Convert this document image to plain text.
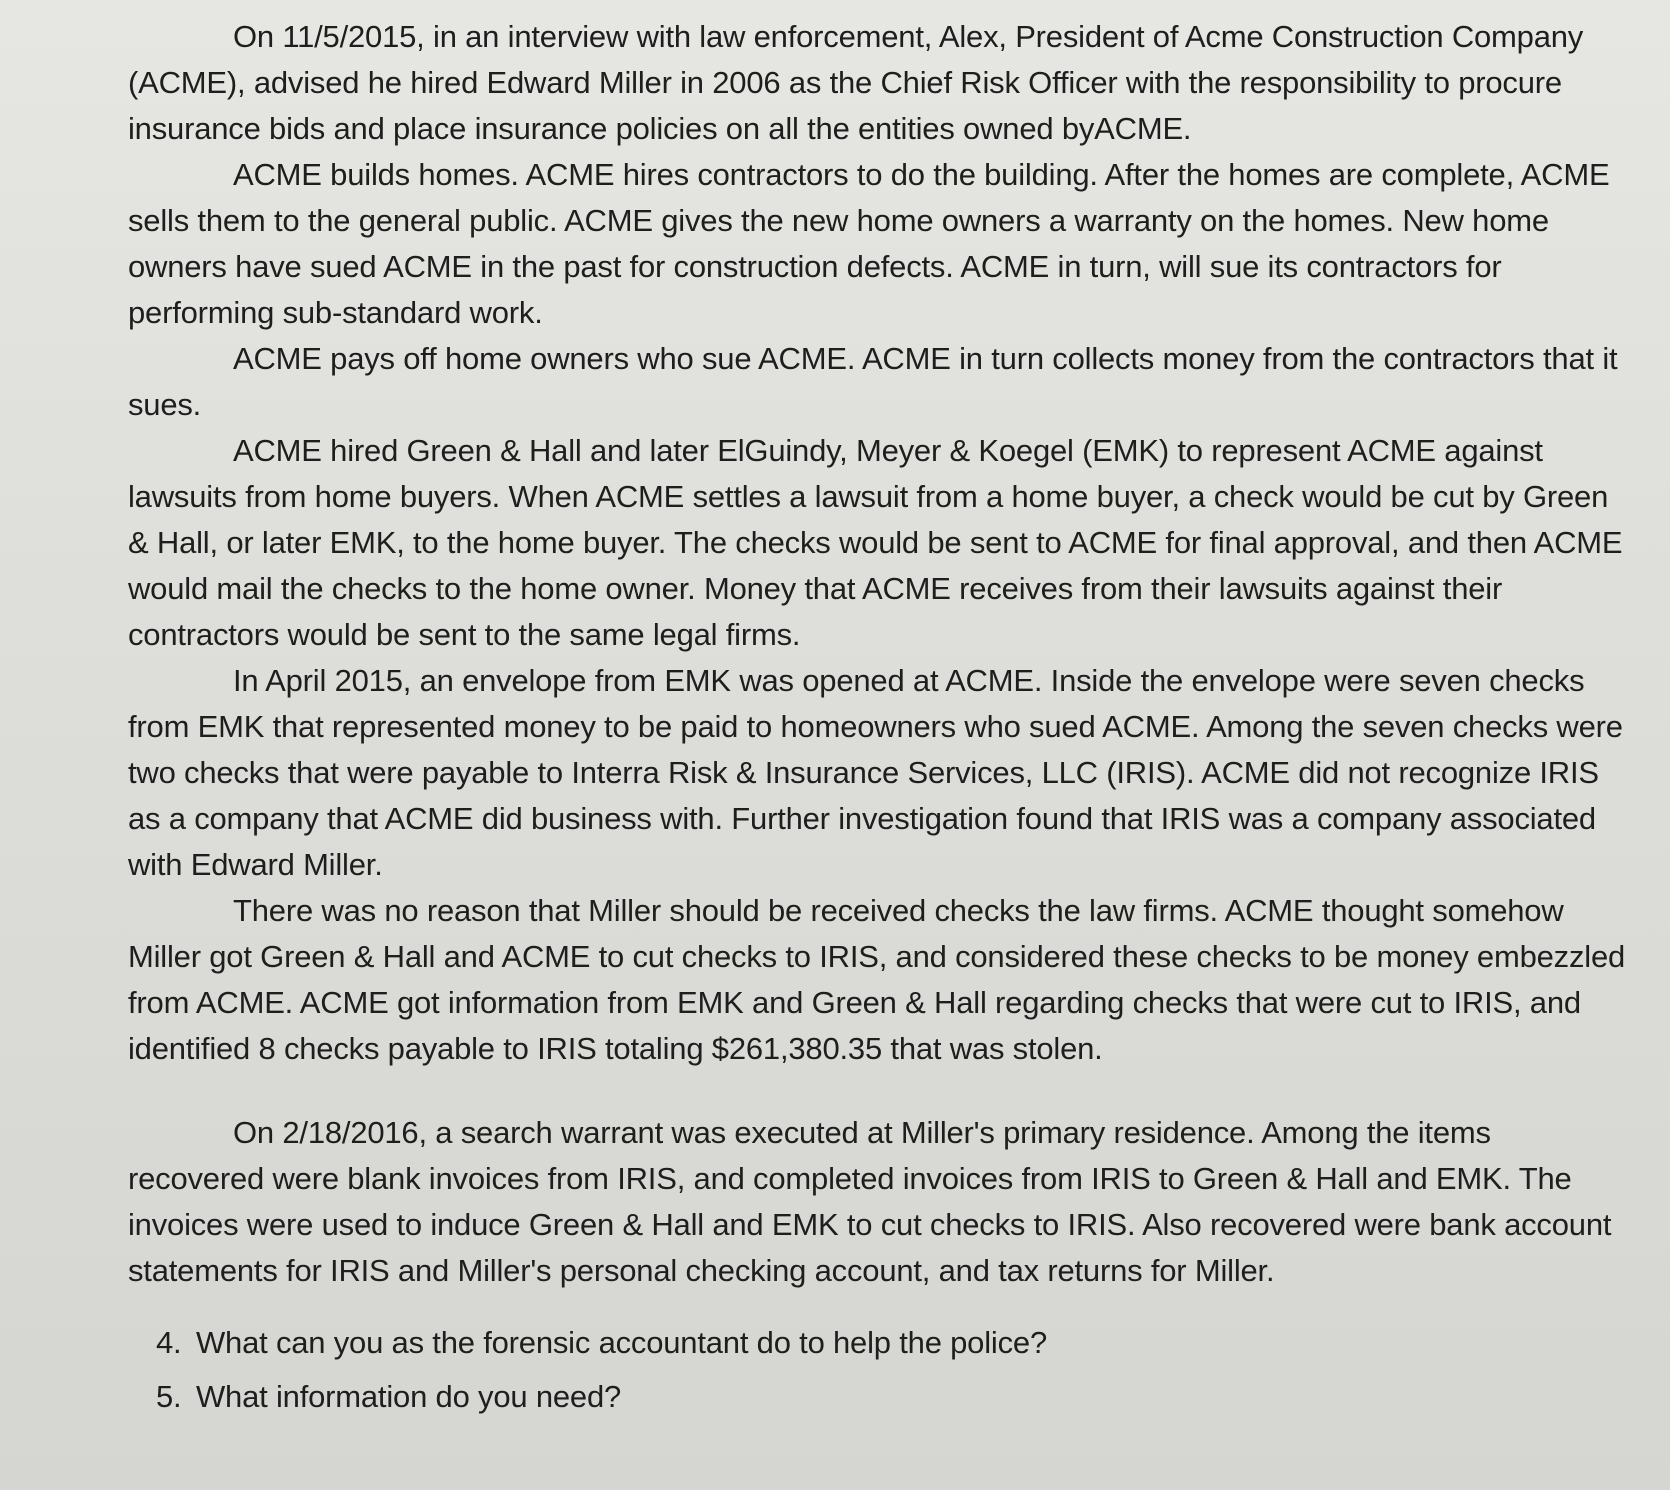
On 11/5/2015, in an interview with law enforcement, Alex, President of Acme Construction Company (ACME), advised he hired Edward Miller in 2006 as the Chief Risk Officer with the responsibility to procure insurance bids and place insurance policies on all the entities owned byACME.

ACME builds homes. ACME hires contractors to do the building. After the homes are complete, ACME sells them to the general public. ACME gives the new home owners a warranty on the homes. New home owners have sued ACME in the past for construction defects. ACME in turn, will sue its contractors for performing sub-standard work.

ACME pays off home owners who sue ACME. ACME in turn collects money from the contractors that it sues.

ACME hired Green & Hall and later ElGuindy, Meyer & Koegel (EMK) to represent ACME against lawsuits from home buyers. When ACME settles a lawsuit from a home buyer, a check would be cut by Green & Hall, or later EMK, to the home buyer. The checks would be sent to ACME for final approval, and then ACME would mail the checks to the home owner. Money that ACME receives from their lawsuits against their contractors would be sent to the same legal firms.

In April 2015, an envelope from EMK was opened at ACME. Inside the envelope were seven checks from EMK that represented money to be paid to homeowners who sued ACME. Among the seven checks were two checks that were payable to Interra Risk & Insurance Services, LLC (IRIS). ACME did not recognize IRIS as a company that ACME did business with. Further investigation found that IRIS was a company associated with Edward Miller.

There was no reason that Miller should be received checks the law firms. ACME thought somehow Miller got Green & Hall and ACME to cut checks to IRIS, and considered these checks to be money embezzled from ACME. ACME got information from EMK and Green & Hall regarding checks that were cut to IRIS, and identified 8 checks payable to IRIS totaling $261,380.35 that was stolen.

On 2/18/2016, a search warrant was executed at Miller's primary residence. Among the items recovered were blank invoices from IRIS, and completed invoices from IRIS to Green & Hall and EMK. The invoices were used to induce Green & Hall and EMK to cut checks to IRIS. Also recovered were bank account statements for IRIS and Miller's personal checking account, and tax returns for Miller.

4. What can you as the forensic accountant do to help the police?

5. What information do you need?
